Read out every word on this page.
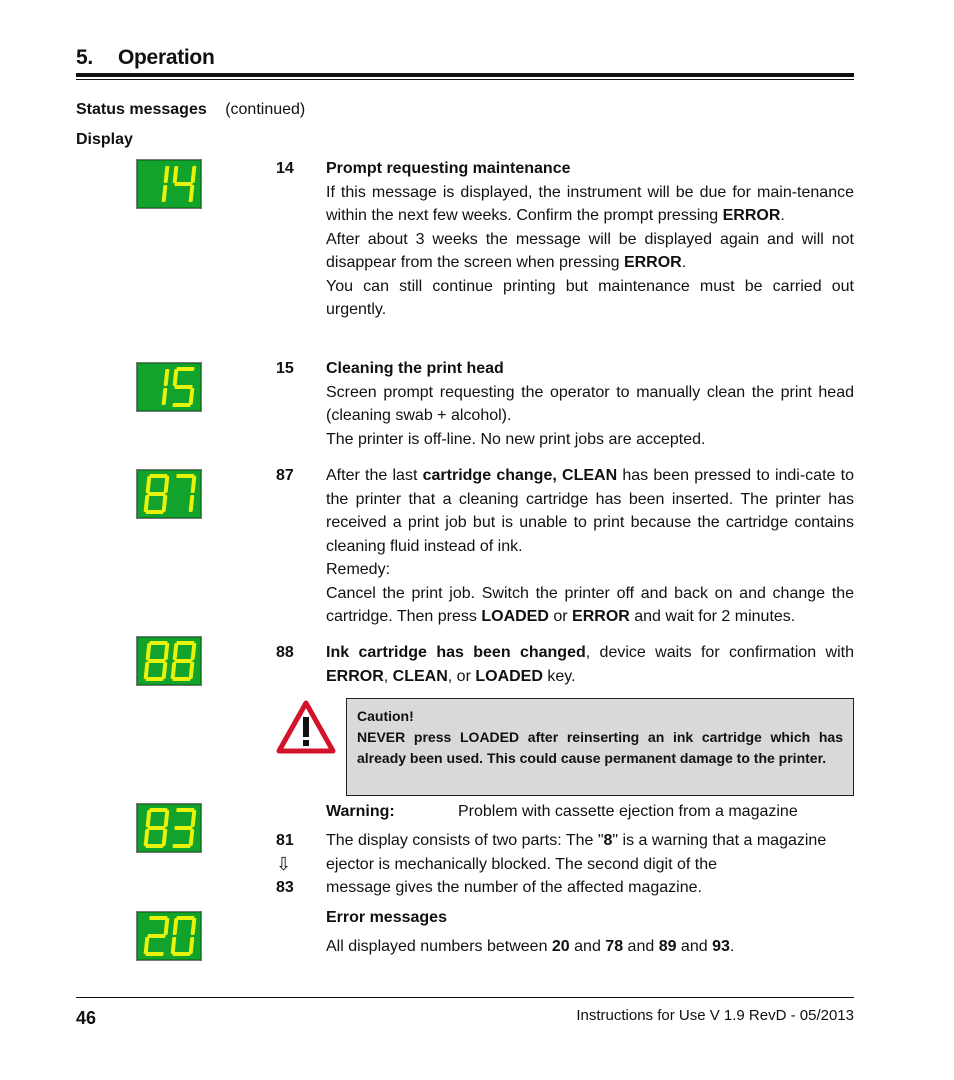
5. Operation
Status messages (continued)
Display
14 Prompt requesting maintenance
If this message is displayed, the instrument will be due for main-tenance within the next few weeks. Confirm the prompt pressing ERROR.
After about 3 weeks the message will be displayed again and will not disappear from the screen when pressing ERROR.
You can still continue printing but maintenance must be carried out urgently.
15 Cleaning the print head
Screen prompt requesting the operator to manually clean the print head (cleaning swab + alcohol).
The printer is off-line. No new print jobs are accepted.
87 After the last cartridge change, CLEAN has been pressed to indi-cate to the printer that a cleaning cartridge has been inserted. The printer has received a print job but is unable to print because the cartridge contains cleaning fluid instead of ink.
Remedy:
Cancel the print job. Switch the printer off and back on and change the cartridge. Then press LOADED or ERROR and wait for 2 minutes.
88 Ink cartridge has been changed, device waits for confirmation with ERROR, CLEAN, or LOADED key.
Caution!
NEVER press LOADED after reinserting an ink cartridge which has already been used. This could cause permanent damage to the printer.
Warning:	Problem with cassette ejection from a magazine
81
⇩
83
The display consists of two parts: The "8" is a warning that a magazine
ejector is mechanically blocked. The second digit of the
message gives the number of the affected magazine.
Error messages
All displayed numbers between 20 and 78 and 89 and 93.
46	Instructions for Use V 1.9 RevD - 05/2013
